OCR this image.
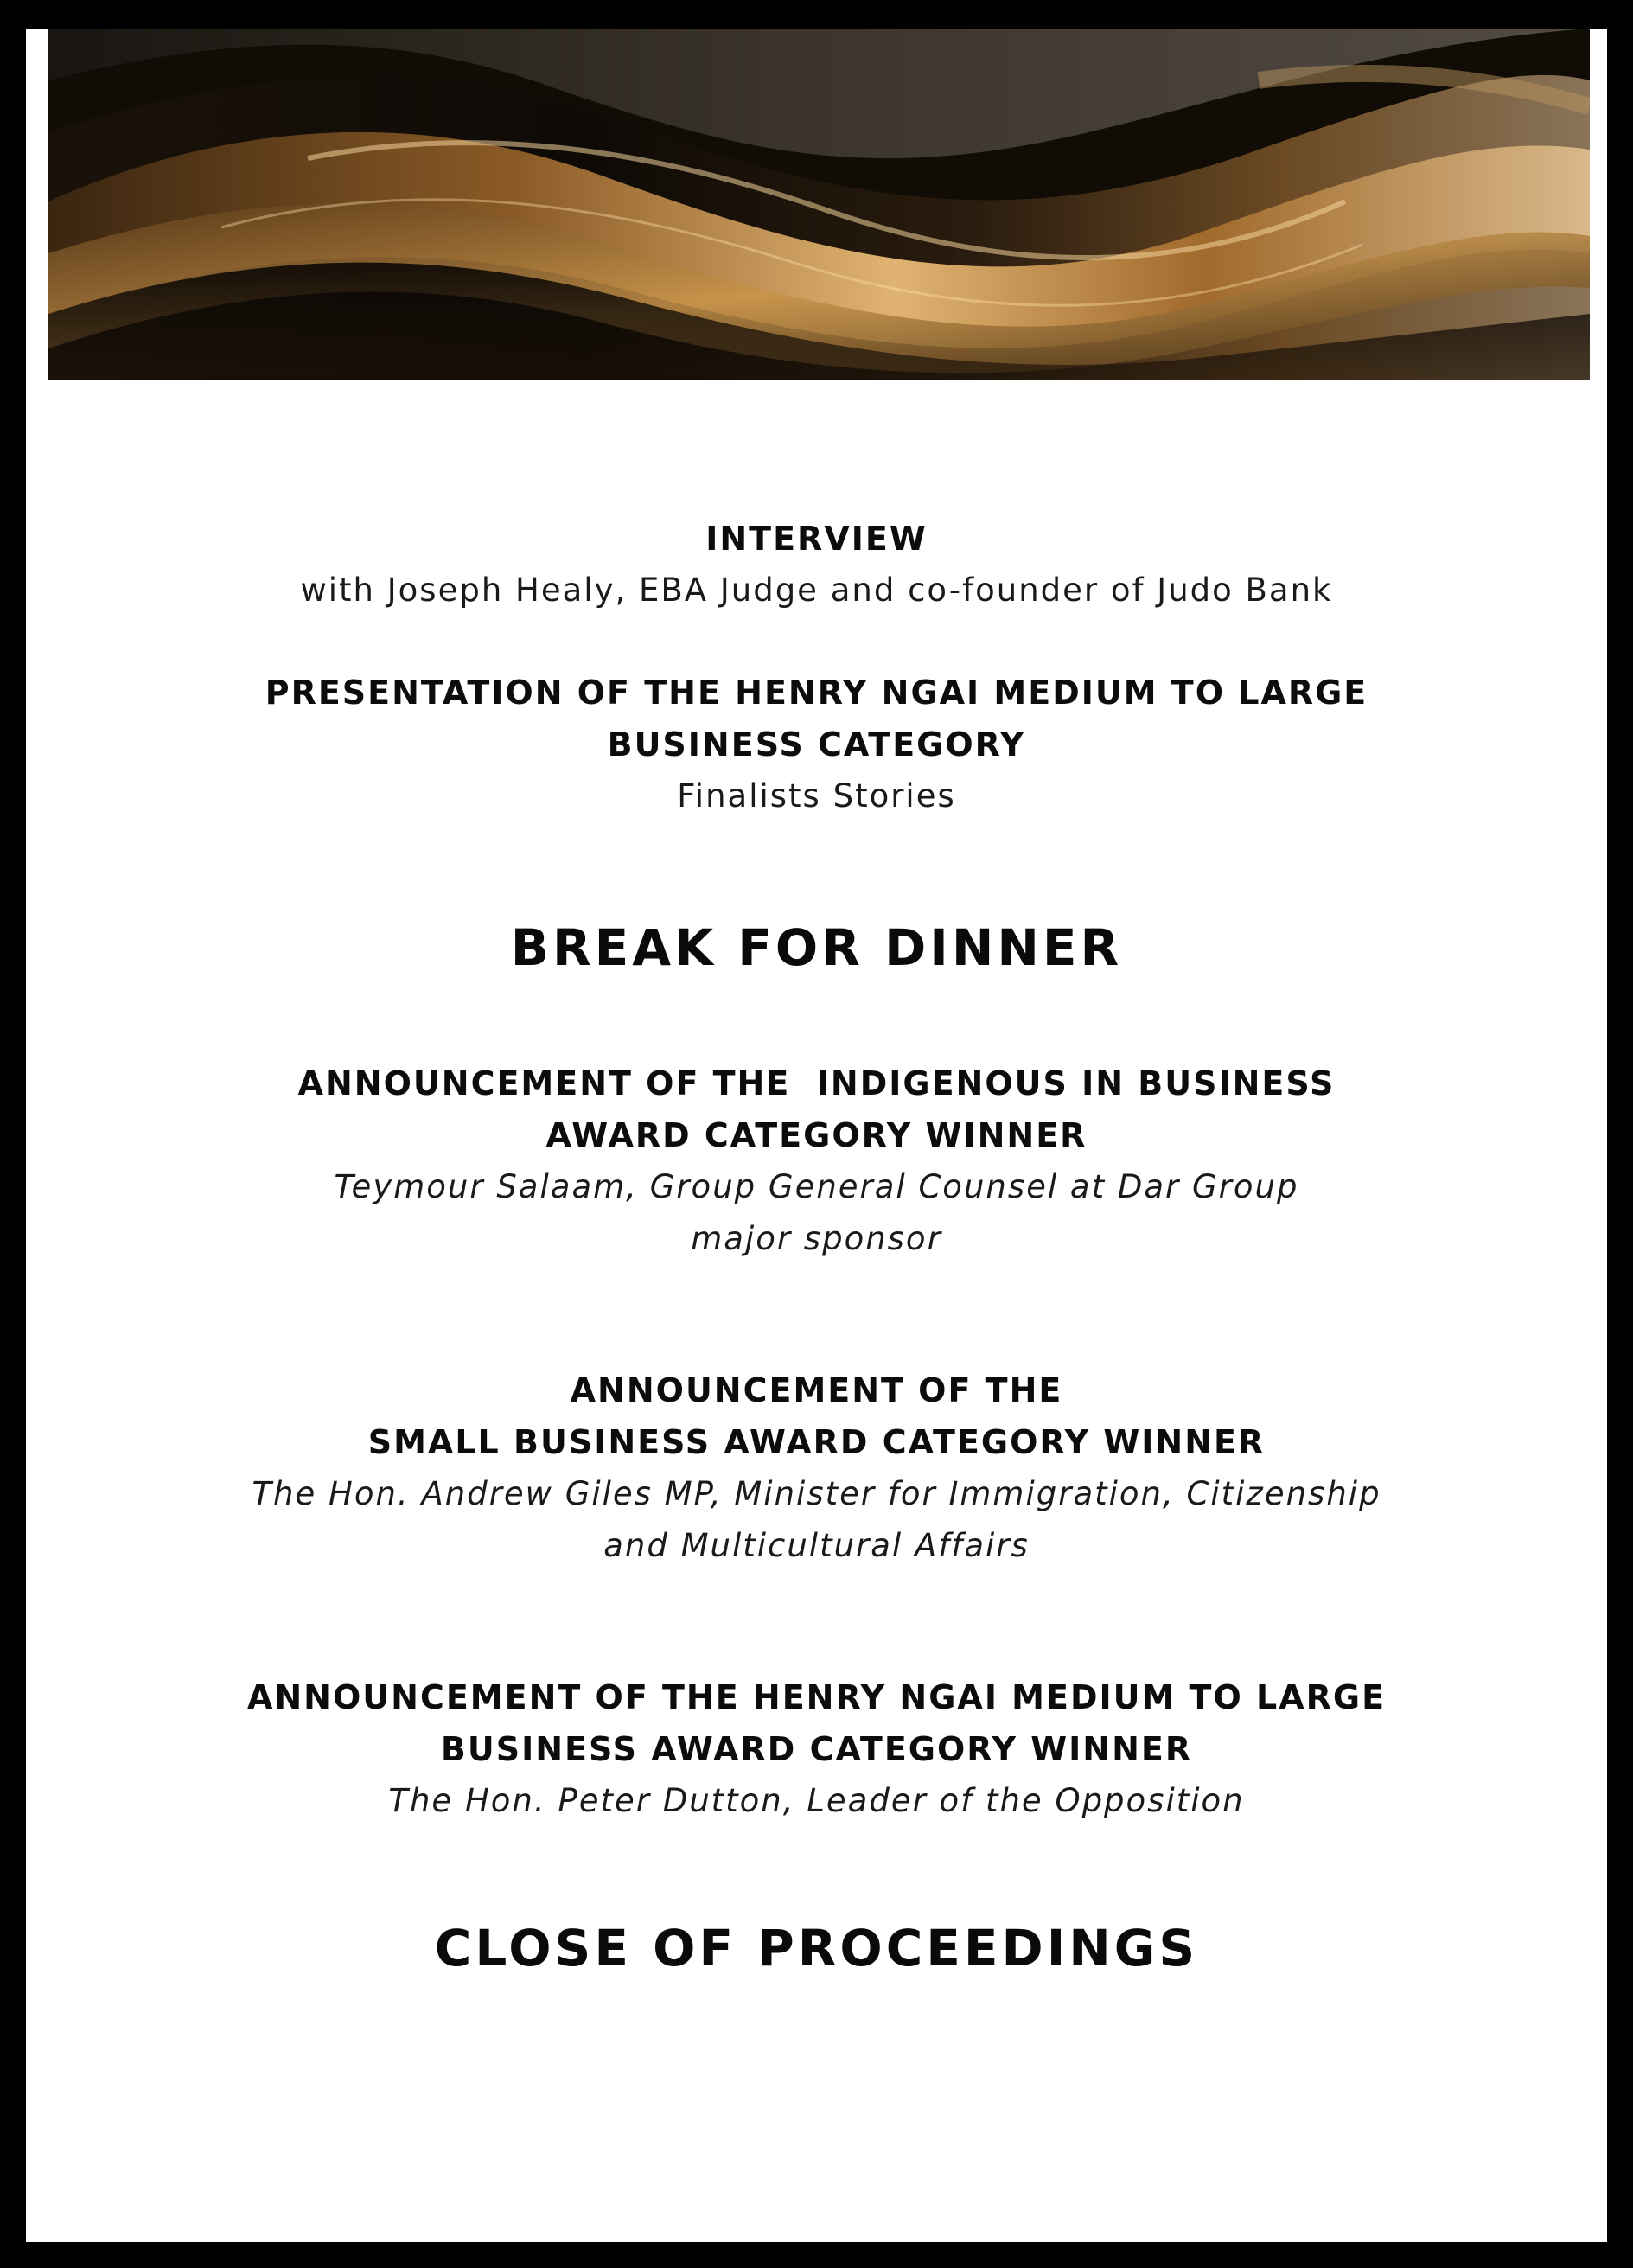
INTERVIEW

with Joseph Healy, EBA Judge and co-founder of Judo Bank

PRESENTATION OF THE HENRY NGAI MEDIUM TO LARGE

BUSINESS CATEGORY

Finalists Stories

BREAK FOR DINNER

ANNOUNCEMENT OF THE  INDIGENOUS IN BUSINESS

AWARD CATEGORY WINNER

Teymour Salaam, Group General Counsel at Dar Group

major sponsor

ANNOUNCEMENT OF THE

SMALL BUSINESS AWARD CATEGORY WINNER

The Hon. Andrew Giles MP, Minister for Immigration, Citizenship

and Multicultural Affairs

ANNOUNCEMENT OF THE HENRY NGAI MEDIUM TO LARGE

BUSINESS AWARD CATEGORY WINNER

The Hon. Peter Dutton, Leader of the Opposition

CLOSE OF PROCEEDINGS
